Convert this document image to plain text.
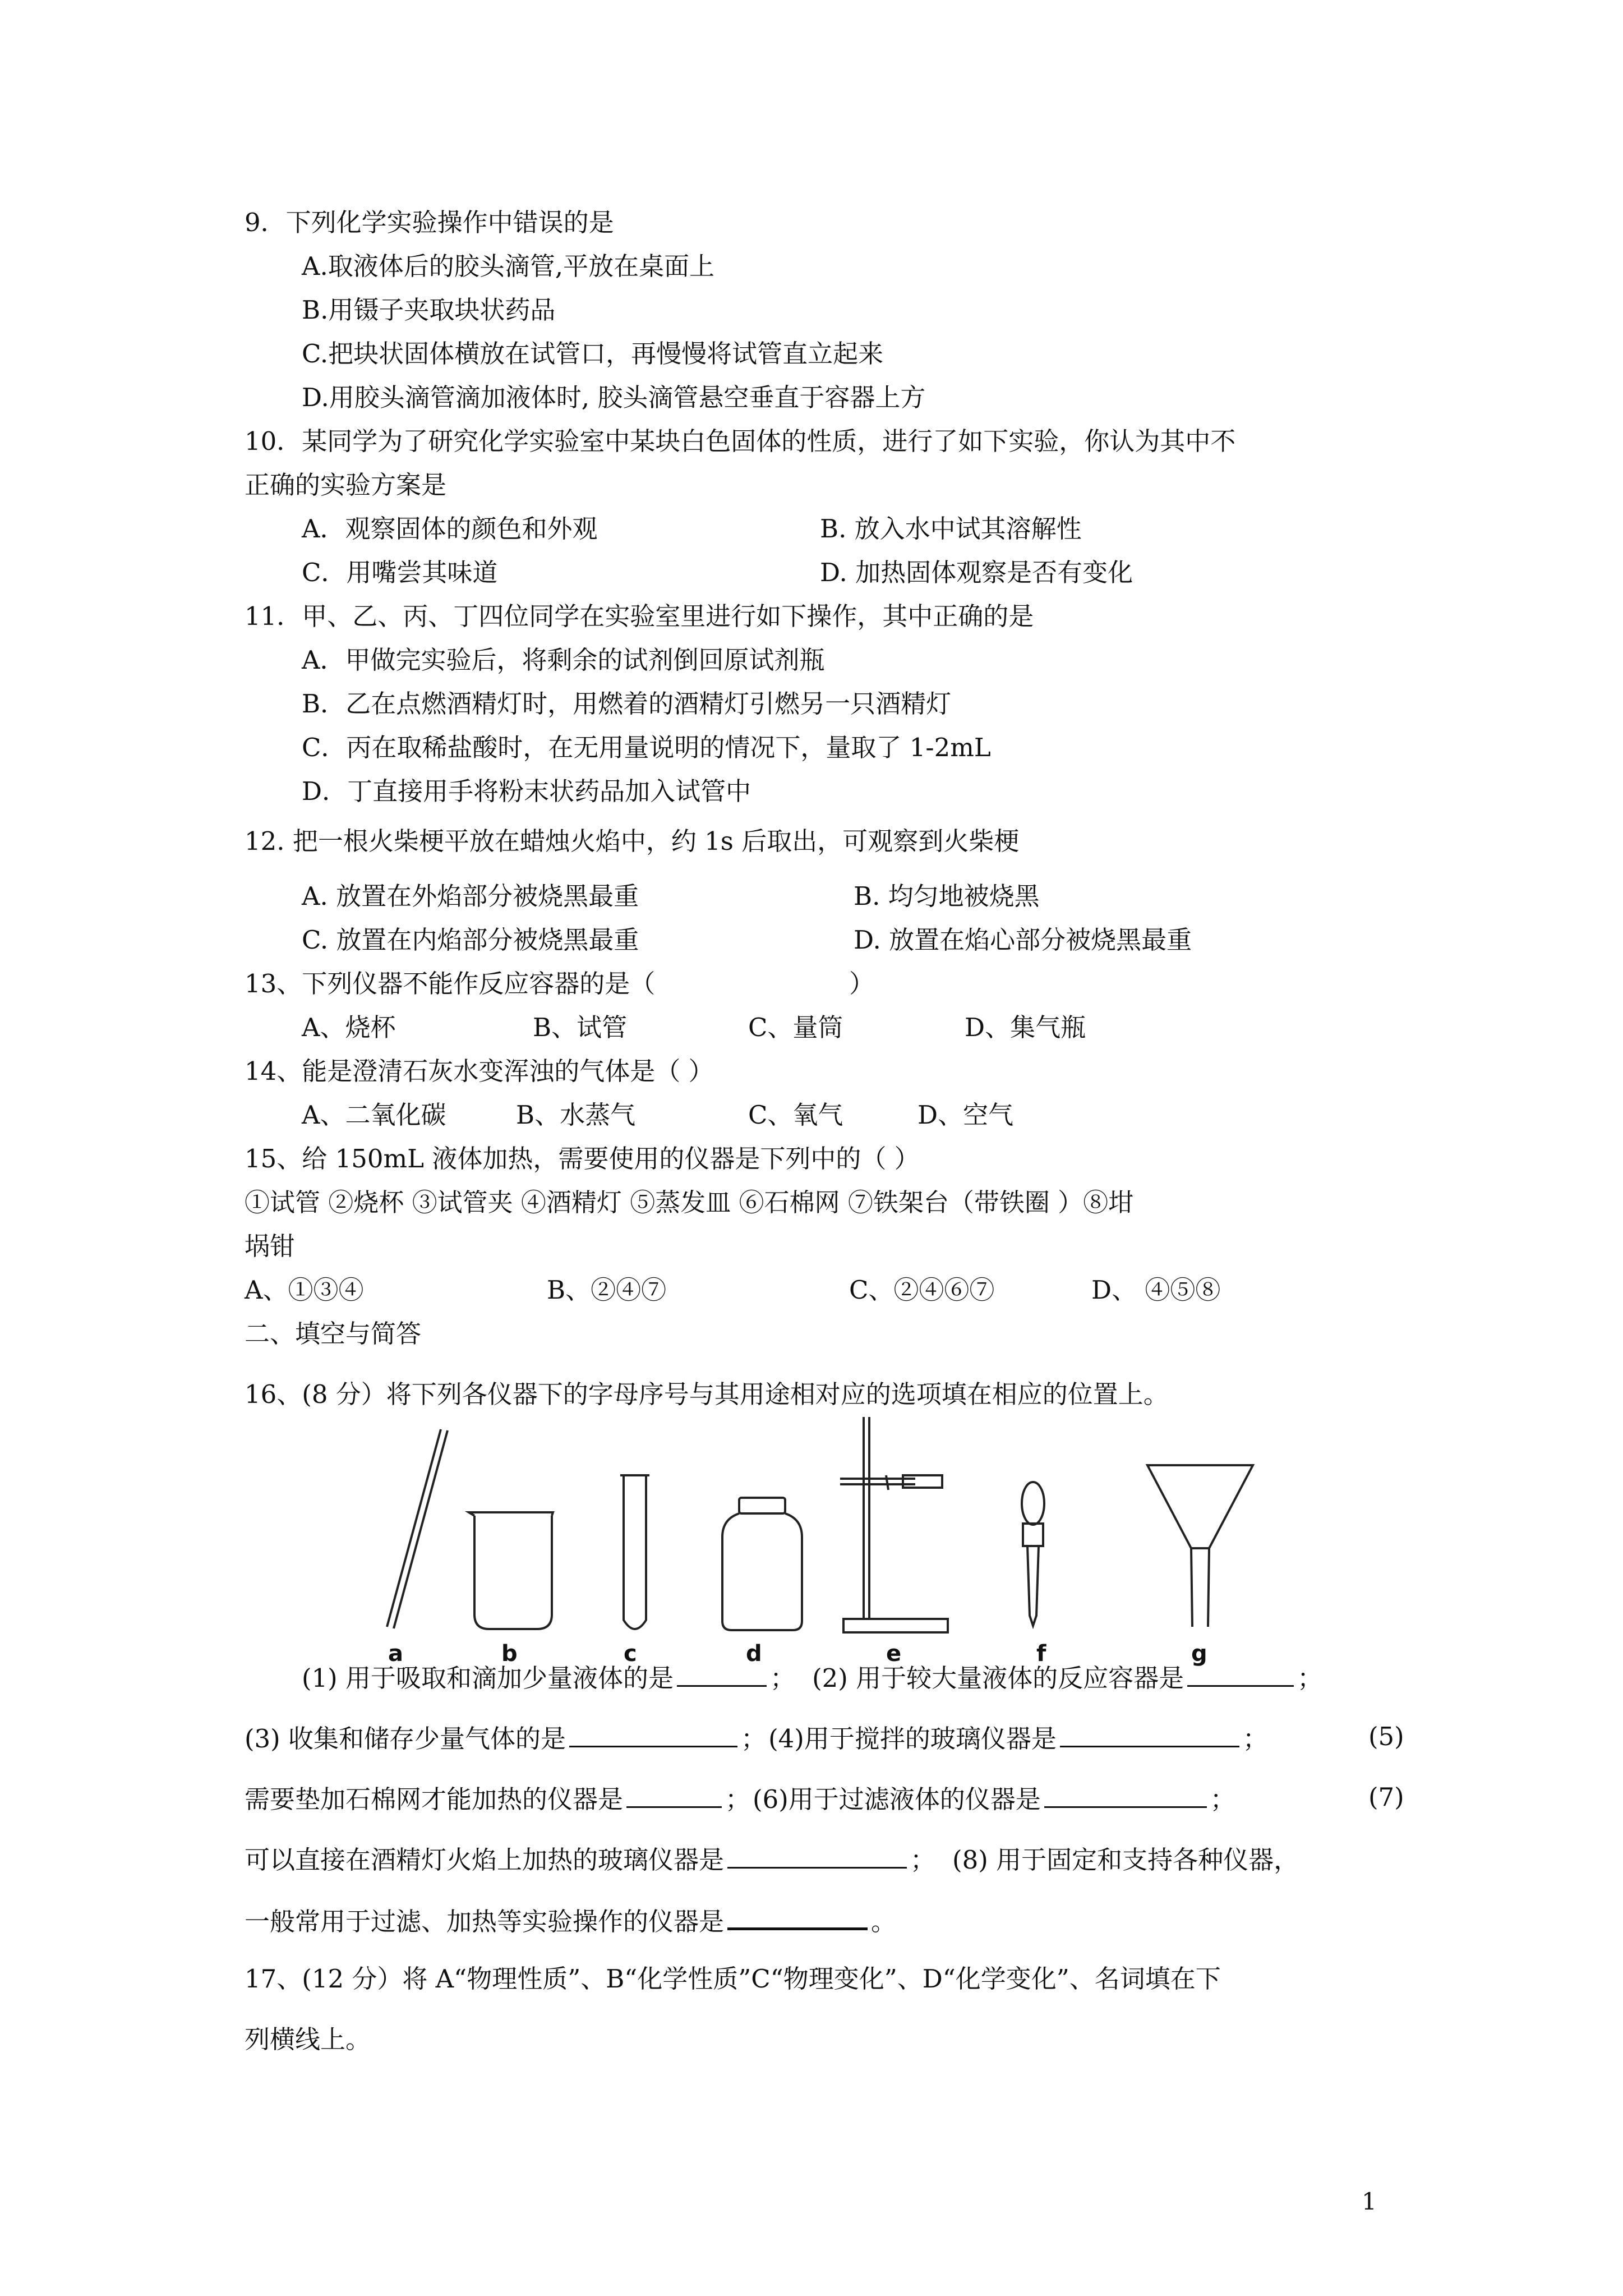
9．下列化学实验操作中错误的是
A.取液体后的胶头滴管,平放在桌面上
B.用镊子夹取块状药品
C.把块状固体横放在试管口，再慢慢将试管直立起来
D.用胶头滴管滴加液体时, 胶头滴管悬空垂直于容器上方
10．某同学为了研究化学实验室中某块白色固体的性质，进行了如下实验，你认为其中不
正确的实验方案是
A．观察固体的颜色和外观	B. 放入水中试其溶解性
C．用嘴尝其味道	D. 加热固体观察是否有变化
11．甲、乙、丙、丁四位同学在实验室里进行如下操作，其中正确的是
A．甲做完实验后，将剩余的试剂倒回原试剂瓶
B．乙在点燃酒精灯时，用燃着的酒精灯引燃另一只酒精灯
C．丙在取稀盐酸时，在无用量说明的情况下，量取了 1-2mL
D．丁直接用手将粉末状药品加入试管中
12. 把一根火柴梗平放在蜡烛火焰中，约 1s 后取出，可观察到火柴梗
A. 放置在外焰部分被烧黑最重	B. 均匀地被烧黑
C. 放置在内焰部分被烧黑最重	D. 放置在焰心部分被烧黑最重
13、下列仪器不能作反应容器的是（	）
A、烧杯	B、试管	C、量筒	D、集气瓶
14、能是澄清石灰水变浑浊的气体是（ ）
A、二氧化碳	B、水蒸气	C、氧气	D、空气
15、给 150mL 液体加热，需要使用的仪器是下列中的（ ）
①试管 ②烧杯 ③试管夹 ④酒精灯 ⑤蒸发皿 ⑥石棉网 ⑦铁架台（带铁圈 ）⑧坩
埚钳
A、①③④	B、②④⑦	C、②④⑥⑦	D、 ④⑤⑧
二、填空与简答
16、(8 分）将下列各仪器下的字母序号与其用途相对应的选项填在相应的位置上。
a	b	c	d	e	f	g
(1) 用于吸取和滴加少量液体的是	； (2) 用于较大量液体的反应容器是	；
(3) 收集和储存少量气体的是	；(4)用于搅拌的玻璃仪器是	；	(5)
需要垫加石棉网才能加热的仪器是	；(6)用于过滤液体的仪器是	；	(7)
可以直接在酒精灯火焰上加热的玻璃仪器是	； (8) 用于固定和支持各种仪器，
一般常用于过滤、加热等实验操作的仪器是	。
17、(12 分）将 A“物理性质”、B“化学性质”C“物理变化”、D“化学变化”、名词填在下
列横线上。
1
